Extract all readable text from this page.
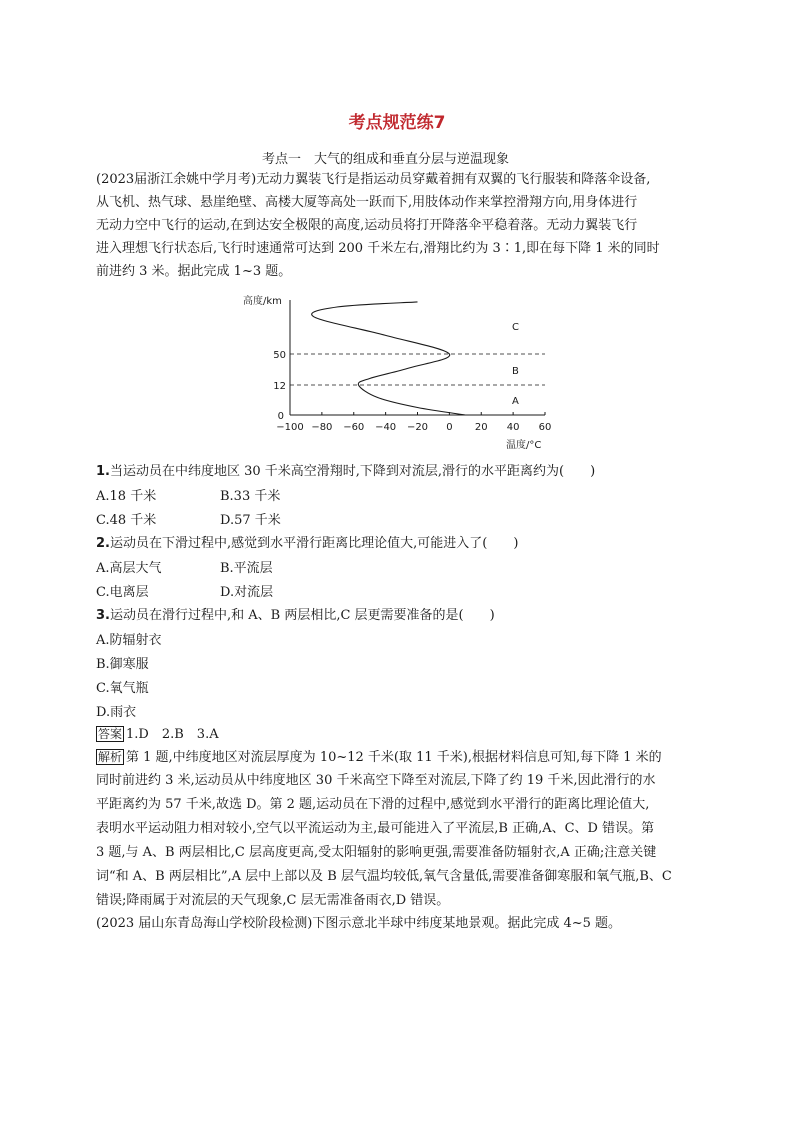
考点规范练7
考点一　大气的组成和垂直分层与逆温现象
(2023届浙江余姚中学月考)无动力翼装飞行是指运动员穿戴着拥有双翼的飞行服装和降落伞设备,
从飞机、热气球、悬崖绝壁、高楼大厦等高处一跃而下,用肢体动作来掌控滑翔方向,用身体进行
无动力空中飞行的运动,在到达安全极限的高度,运动员将打开降落伞平稳着落。无动力翼装飞行
进入理想飞行状态后,飞行时速通常可达到 200 千米左右,滑翔比约为 3∶1,即在每下降 1 米的同时
前进约 3 米。据此完成 1~3 题。
高度/km
0
12
50
−100 −80 −60 −40 −20 0 20 40 60
温度/°C
A
B
C
1.当运动员在中纬度地区 30 千米高空滑翔时,下降到对流层,滑行的水平距离约为(　　)
A.18 千米	B.33 千米
C.48 千米	D.57 千米
2.运动员在下滑过程中,感觉到水平滑行距离比理论值大,可能进入了(　　)
A.高层大气	B.平流层
C.电离层	D.对流层
3.运动员在滑行过程中,和 A、B 两层相比,C 层更需要准备的是(　　)
A.防辐射衣
B.御寒服
C.氧气瓶
D.雨衣
答案 1.D　2.B　3.A
解析 第 1 题,中纬度地区对流层厚度为 10~12 千米(取 11 千米),根据材料信息可知,每下降 1 米的
同时前进约 3 米,运动员从中纬度地区 30 千米高空下降至对流层,下降了约 19 千米,因此滑行的水
平距离约为 57 千米,故选 D。第 2 题,运动员在下滑的过程中,感觉到水平滑行的距离比理论值大,
表明水平运动阻力相对较小,空气以平流运动为主,最可能进入了平流层,B 正确,A、C、D 错误。第
3 题,与 A、B 两层相比,C 层高度更高,受太阳辐射的影响更强,需要准备防辐射衣,A 正确;注意关键
词“和 A、B 两层相比”,A 层中上部以及 B 层气温均较低,氧气含量低,需要准备御寒服和氧气瓶,B、C
错误;降雨属于对流层的天气现象,C 层无需准备雨衣,D 错误。
(2023 届山东青岛海山学校阶段检测)下图示意北半球中纬度某地景观。据此完成 4~5 题。
